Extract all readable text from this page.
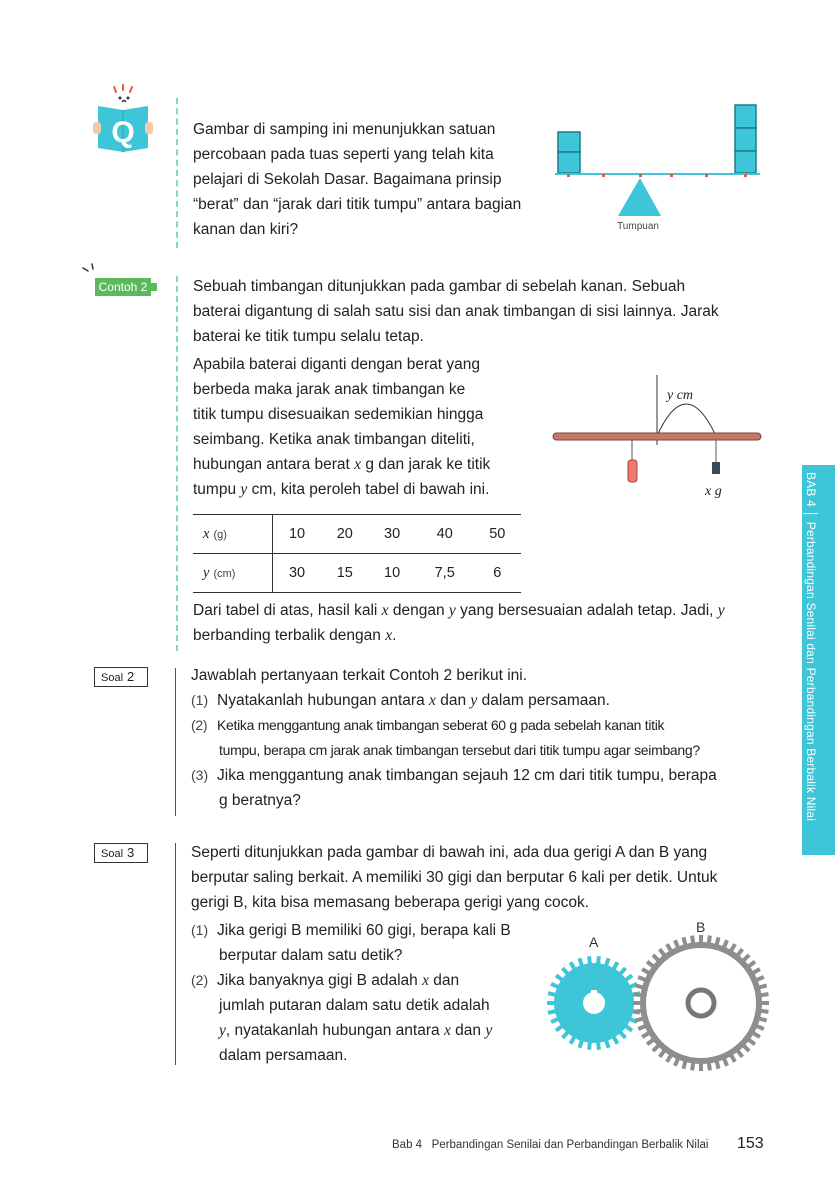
Q	Gambar di samping ini menunjukkan satuan
percobaan pada tuas seperti yang telah kita
pelajari di Sekolah Dasar. Bagaimana prinsip
“berat” dan “jarak dari titik tumpu” antara bagian
kanan dan kiri?	Tumpuan
Contoh 2	Sebuah timbangan ditunjukkan pada gambar di sebelah kanan. Sebuah
baterai digantung di salah satu sisi dan anak timbangan di sisi lainnya. Jarak
baterai ke titik tumpu selalu tetap.
Apabila baterai diganti dengan berat yang
berbeda maka jarak anak timbangan ke
titik tumpu disesuaikan sedemikian hingga
seimbang. Ketika anak timbangan diteliti,
hubungan antara berat x g dan jarak ke titik
tumpu y cm, kita peroleh tabel di bawah ini.
y cm
x g
x (g)	10	20	30	40	50
y (cm)	30	15	10	7,5	6
Dari tabel di atas, hasil kali x dengan y yang bersesuaian adalah tetap. Jadi, y
berbanding terbalik dengan x.
Soal 2	Jawablah pertanyaan terkait Contoh 2 berikut ini.
(1) Nyatakanlah hubungan antara x dan y dalam persamaan.
(2) Ketika menggantung anak timbangan seberat 60 g pada sebelah kanan titik
tumpu, berapa cm jarak anak timbangan tersebut dari titik tumpu agar seimbang?
(3) Jika menggantung anak timbangan sejauh 12 cm dari titik tumpu, berapa
g beratnya?
Soal 3	Seperti ditunjukkan pada gambar di bawah ini, ada dua gerigi A dan B yang
berputar saling berkait. A memiliki 30 gigi dan berputar 6 kali per detik. Untuk
gerigi B, kita bisa memasang beberapa gerigi yang cocok.
(1) Jika gerigi B memiliki 60 gigi, berapa kali B
berputar dalam satu detik?
(2) Jika banyaknya gigi B adalah x dan
jumlah putaran dalam satu detik adalah
y, nyatakanlah hubungan antara x dan y
dalam persamaan.
A
B
BAB 4 │ Perbandingan Senilai dan Perbandingan Berbalik Nilai
Bab 4   Perbandingan Senilai dan Perbandingan Berbalik Nilai 153
